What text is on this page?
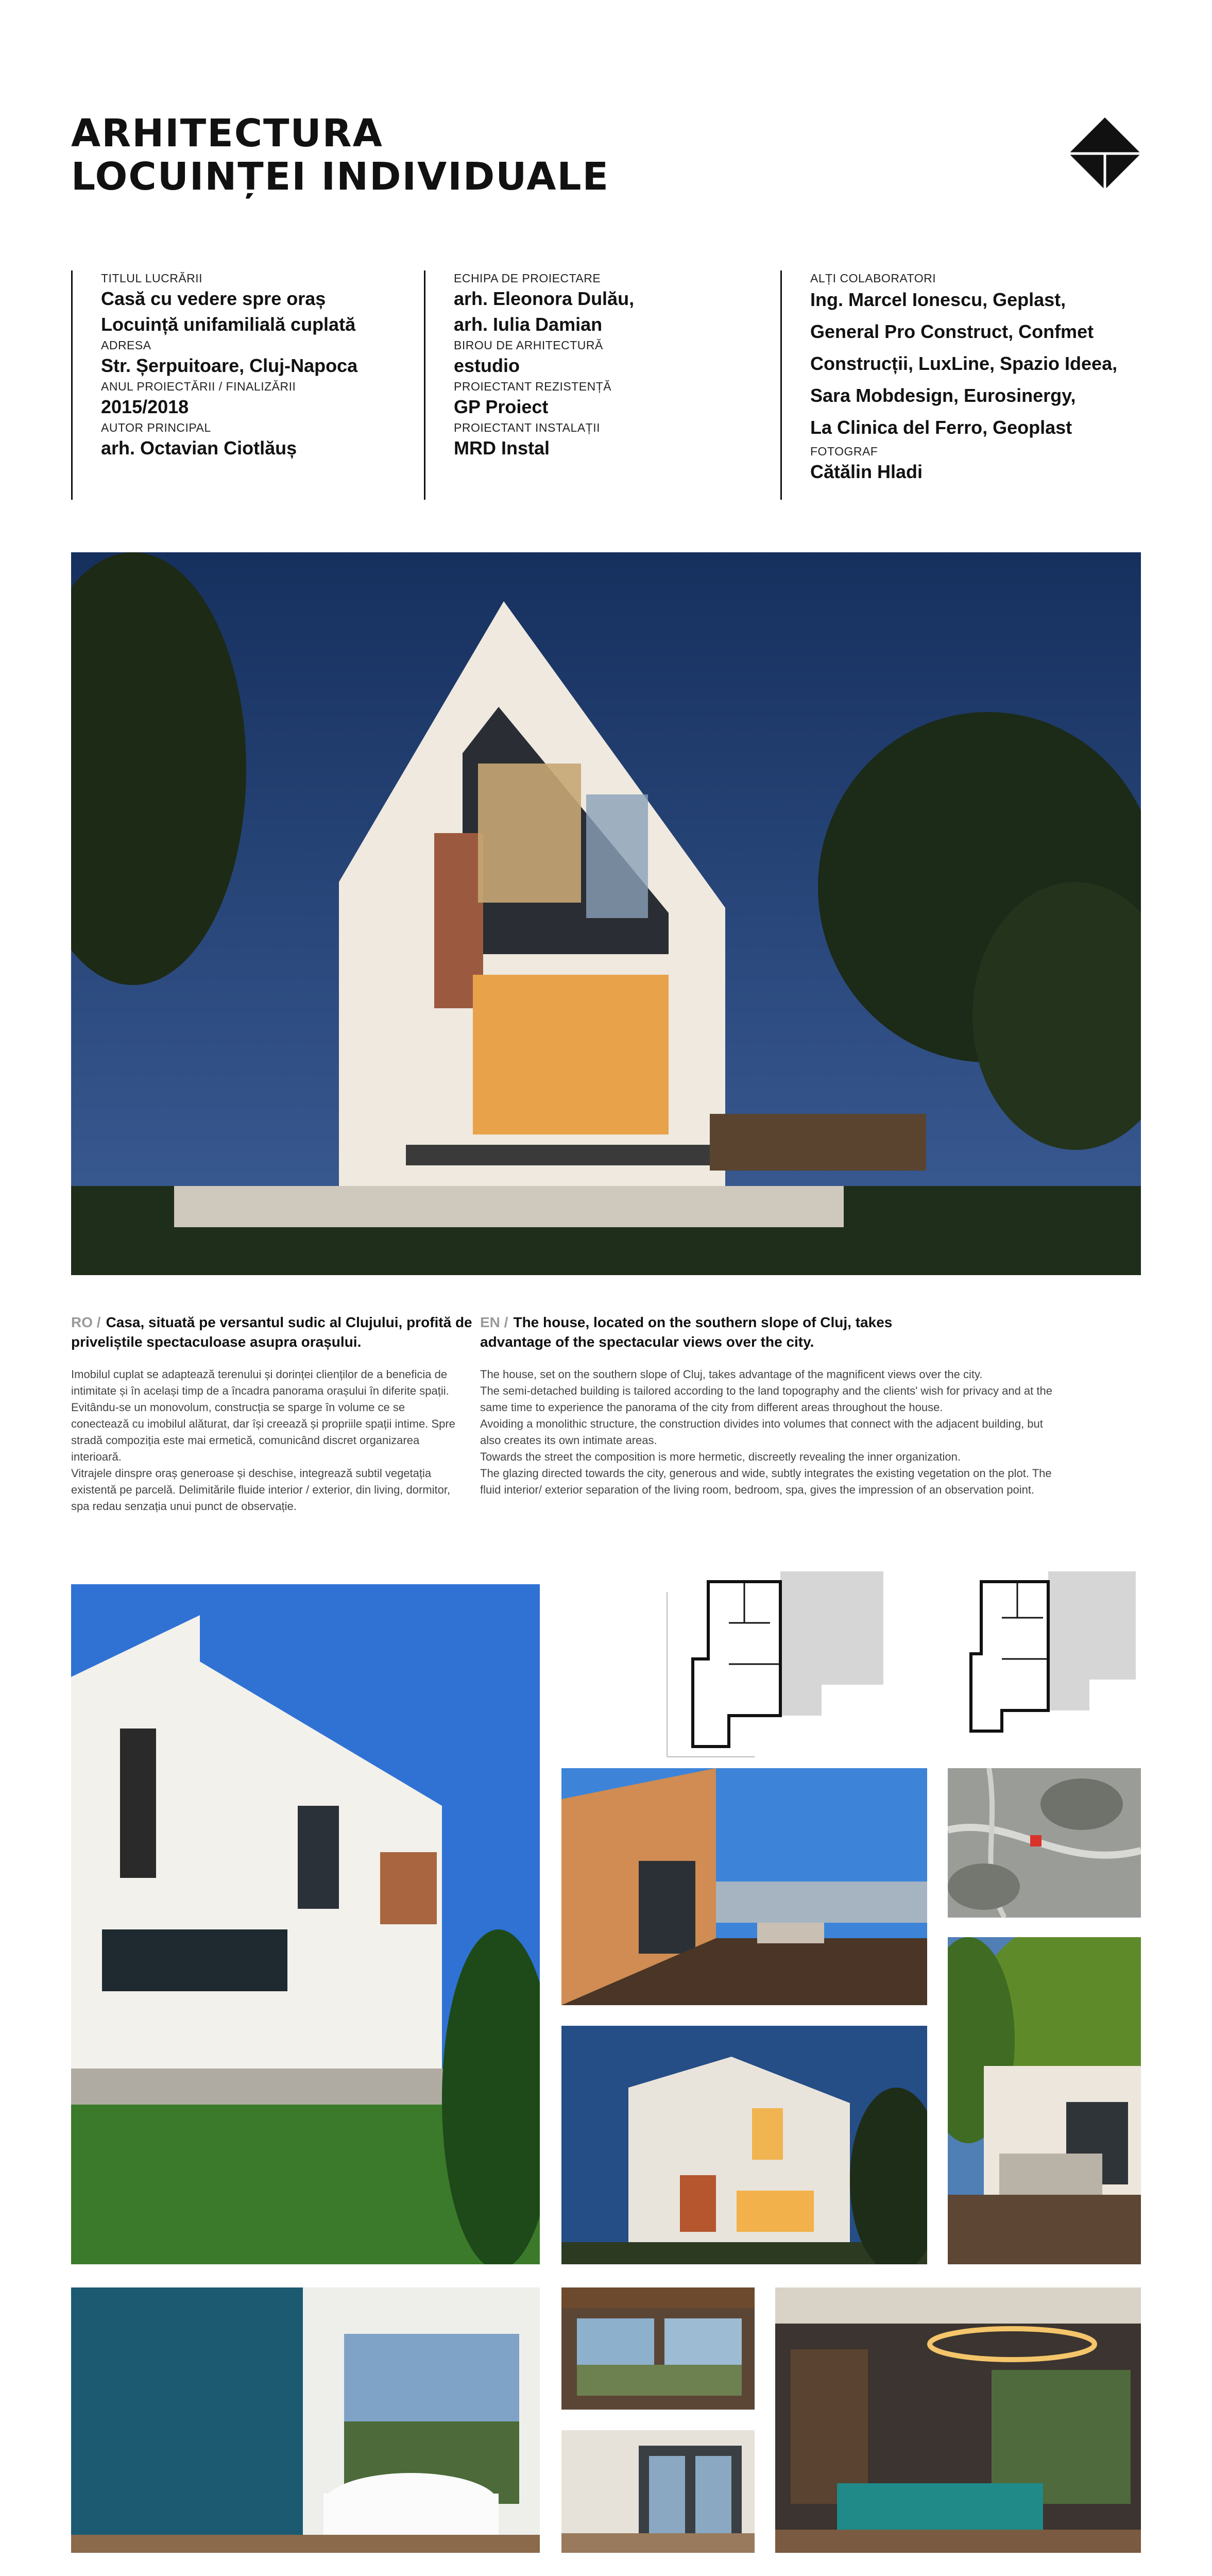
ARHITECTURA
LOCUINȚEI INDIVIDUALE
TITLUL LUCRĂRII
Casă cu vedere spre oraș
Locuință unifamilială cuplată
ADRESA
Str. Șerpuitoare, Cluj-Napoca
ANUL PROIECTĂRII / FINALIZĂRII
2015/2018
AUTOR PRINCIPAL
arh. Octavian Ciotlăuș
ECHIPA DE PROIECTARE
arh. Eleonora Dulău,
arh. Iulia Damian
BIROU DE ARHITECTURĂ
estudio
PROIECTANT REZISTENȚĂ
GP Proiect
PROIECTANT INSTALAȚII
MRD Instal
ALȚI COLABORATORI
Ing. Marcel Ionescu, Geplast,
General Pro Construct, Confmet
Construcții, LuxLine, Spazio Ideea,
Sara Mobdesign, Eurosinergy,
La Clinica del Ferro, Geoplast
FOTOGRAF
Cătălin Hladi
RO / Casa, situată pe versantul sudic al Clujului, profită de priveliștile spectaculoase asupra orașului.

Imobilul cuplat se adaptează terenului și dorinței clienților de a beneficia de intimitate și în același timp de a încadra panorama orașului în diferite spații.

Evitându-se un monovolum, construcția se sparge în volume ce se conectează cu imobilul alăturat, dar își creează și propriile spații intime. Spre stradă compoziția este mai ermetică, comunicând discret organizarea interioară.

Vitrajele dinspre oraș generoase și deschise, integrează subtil vegetația existentă pe parcelă. Delimitările fluide interior / exterior, din living, dormitor, spa redau senzația unui punct de observație.

EN / The house, located on the southern slope of Cluj, takes advantage of the spectacular views over the city.

The house, set on the southern slope of Cluj, takes advantage of the magnificent views over the city.

The semi-detached building is tailored according to the land topography and the clients' wish for privacy and at the same time to experience the panorama of the city from different areas throughout the house.

Avoiding a monolithic structure, the construction divides into volumes that connect with the adjacent building, but also creates its own intimate areas.

Towards the street the composition is more hermetic, discreetly revealing the inner organization.

The glazing directed towards the city, generous and wide, subtly integrates the existing vegetation on the plot. The fluid interior/ exterior separation of the living room, bedroom, spa, gives the impression of an observation point.
